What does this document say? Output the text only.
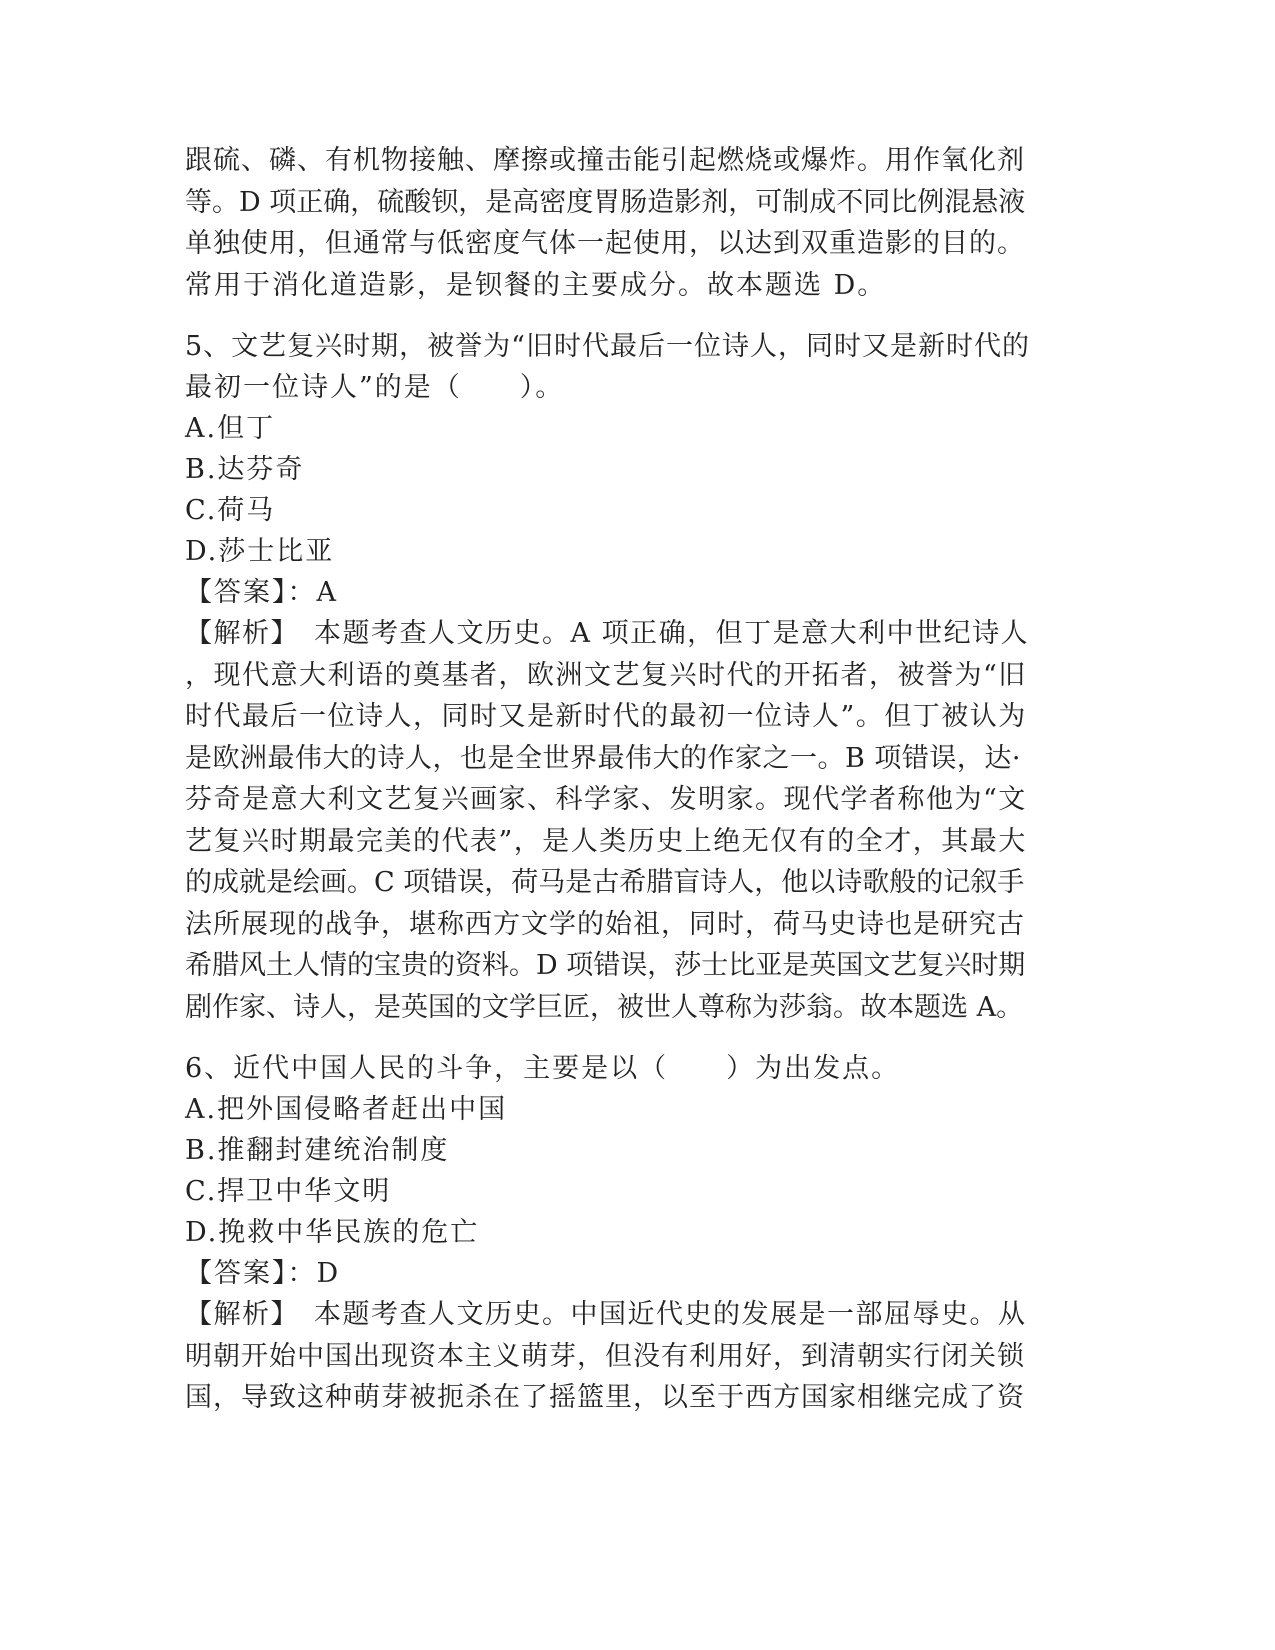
跟硫、磷、有机物接触、摩擦或撞击能引起燃烧或爆炸。用作氧化剂
等。D 项正确，硫酸钡，是高密度胃肠造影剂，可制成不同比例混悬液
单独使用，但通常与低密度气体一起使用，以达到双重造影的目的。
常用于消化道造影，是钡餐的主要成分。故本题选 D。
5、文艺复兴时期，被誉为“旧时代最后一位诗人，同时又是新时代的
最初一位诗人”的是（　　）。
A.但丁
B.达芬奇
C.荷马
D.莎士比亚
【答案】：A
【解析】　本题考查人文历史。A 项正确，但丁是意大利中世纪诗人
，现代意大利语的奠基者，欧洲文艺复兴时代的开拓者，被誉为“旧
时代最后一位诗人，同时又是新时代的最初一位诗人”。但丁被认为
是欧洲最伟大的诗人，也是全世界最伟大的作家之一。B 项错误，达·
芬奇是意大利文艺复兴画家、科学家、发明家。现代学者称他为“文
艺复兴时期最完美的代表”，是人类历史上绝无仅有的全才，其最大
的成就是绘画。C 项错误，荷马是古希腊盲诗人，他以诗歌般的记叙手
法所展现的战争，堪称西方文学的始祖，同时，荷马史诗也是研究古
希腊风土人情的宝贵的资料。D 项错误，莎士比亚是英国文艺复兴时期
剧作家、诗人，是英国的文学巨匠，被世人尊称为莎翁。故本题选 A。
6、近代中国人民的斗争，主要是以（　　）为出发点。
A.把外国侵略者赶出中国
B.推翻封建统治制度
C.捍卫中华文明
D.挽救中华民族的危亡
【答案】：D
【解析】　本题考查人文历史。中国近代史的发展是一部屈辱史。从
明朝开始中国出现资本主义萌芽，但没有利用好，到清朝实行闭关锁
国，导致这种萌芽被扼杀在了摇篮里，以至于西方国家相继完成了资
